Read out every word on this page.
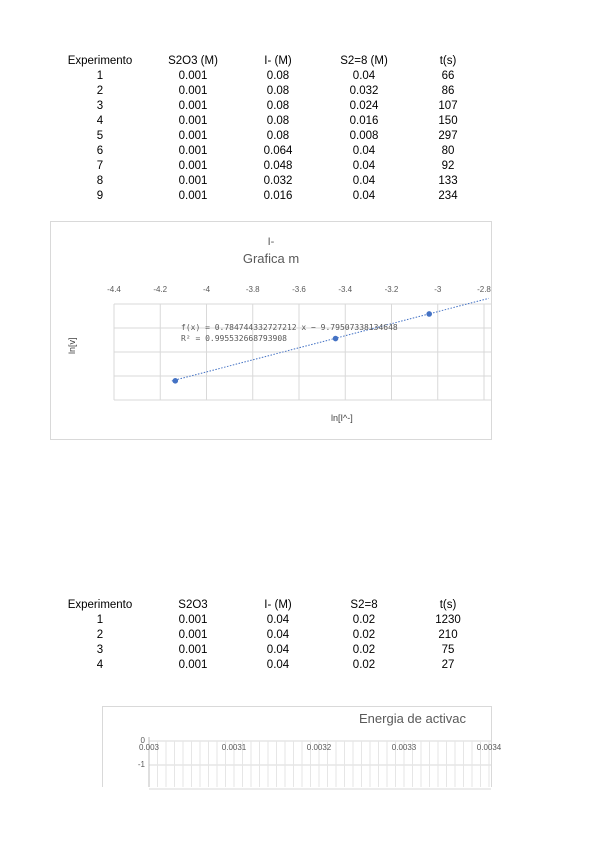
Experimento	S2O3 (M)	I- (M)	S2=8 (M)	t(s)
1	0.001	0.08	0.04	66
2	0.001	0.08	0.032	86
3	0.001	0.08	0.024	107
4	0.001	0.08	0.016	150
5	0.001	0.08	0.008	297
6	0.001	0.064	0.04	80
7	0.001	0.048	0.04	92
8	0.001	0.032	0.04	133
9	0.001	0.016	0.04	234
I-
Grafica m
-4.4	-4.2	-4	-3.8	-3.6	-3.4	-3.2	-3	-2.8
f(x) = 0.784744332727212 x − 9.79507338134648
R² = 0.995532668793908
ln[v]
ln[I^-]
Experimento	S2O3	I- (M)	S2=8	t(s)
1	0.001	0.04	0.02	1230
2	0.001	0.04	0.02	210
3	0.001	0.04	0.02	75
4	0.001	0.04	0.02	27
Energia de activac
0.003	0.0031	0.0032	0.0033	0.0034
0
-1
